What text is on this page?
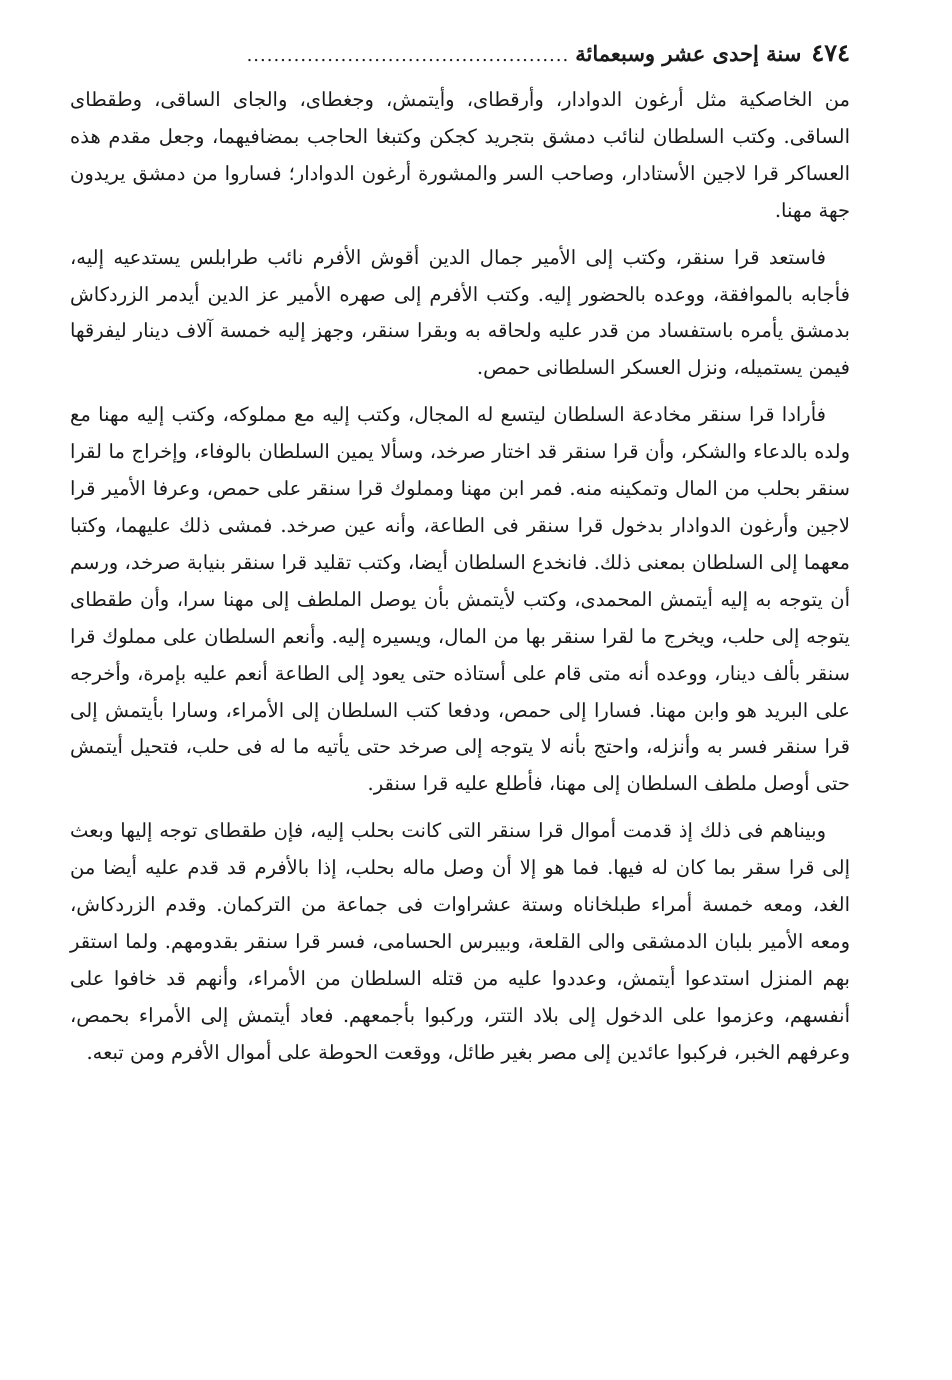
٤٧٤
سنة إحدى عشر وسبعمائة
................................................

من الخاصكية مثل أرغون الدوادار، وأرقطاى، وأيتمش، وجغطاى، والجاى الساقى، وطقطاى الساقى. وكتب السلطان لنائب دمشق بتجريد كجكن وكتبغا الحاجب بمضافيهما، وجعل مقدم هذه العساكر قرا لاجين الأستادار، وصاحب السر والمشورة أرغون الدوادار؛ فساروا من دمشق يريدون جهة مهنا.

فاستعد قرا سنقر، وكتب إلى الأمير جمال الدين أقوش الأفرم نائب طرابلس يستدعيه إليه، فأجابه بالموافقة، ووعده بالحضور إليه. وكتب الأفرم إلى صهره الأمير عز الدين أيدمر الزردكاش بدمشق يأمره باستفساد من قدر عليه ولحاقه به وبقرا سنقر، وجهز إليه خمسة آلاف دينار ليفرقها فيمن يستميله، ونزل العسكر السلطانى حمص.

فأرادا قرا سنقر مخادعة السلطان ليتسع له المجال، وكتب إليه مع مملوكه، وكتب إليه مهنا مع ولده بالدعاء والشكر، وأن قرا سنقر قد اختار صرخد، وسألا يمين السلطان بالوفاء، وإخراج ما لقرا سنقر بحلب من المال وتمكينه منه. فمر ابن مهنا ومملوك قرا سنقر على حمص، وعرفا الأمير قرا لاجين وأرغون الدوادار بدخول قرا سنقر فى الطاعة، وأنه عين صرخد. فمشى ذلك عليهما، وكتبا معهما إلى السلطان بمعنى ذلك. فانخدع السلطان أيضا، وكتب تقليد قرا سنقر بنيابة صرخد، ورسم أن يتوجه به إليه أيتمش المحمدى، وكتب لأيتمش بأن يوصل الملطف إلى مهنا سرا، وأن طقطاى يتوجه إلى حلب، ويخرج ما لقرا سنقر بها من المال، ويسيره إليه. وأنعم السلطان على مملوك قرا سنقر بألف دينار، ووعده أنه متى قام على أستاذه حتى يعود إلى الطاعة أنعم عليه بإمرة، وأخرجه على البريد هو وابن مهنا. فسارا إلى حمص، ودفعا كتب السلطان إلى الأمراء، وسارا بأيتمش إلى قرا سنقر فسر به وأنزله، واحتج بأنه لا يتوجه إلى صرخد حتى يأتيه ما له فى حلب، فتحيل أيتمش حتى أوصل ملطف السلطان إلى مهنا، فأطلع عليه قرا سنقر.

وبيناهم فى ذلك إذ قدمت أموال قرا سنقر التى كانت بحلب إليه، فإن طقطاى توجه إليها وبعث إلى قرا سقر بما كان له فيها. فما هو إلا أن وصل ماله بحلب، إذا بالأفرم قد قدم عليه أيضا من الغد، ومعه خمسة أمراء طبلخاناه وستة عشراوات فى جماعة من التركمان. وقدم الزردكاش، ومعه الأمير بلبان الدمشقى والى القلعة، وبيبرس الحسامى، فسر قرا سنقر بقدومهم. ولما استقر بهم المنزل استدعوا أيتمش، وعددوا عليه من قتله السلطان من الأمراء، وأنهم قد خافوا على أنفسهم، وعزموا على الدخول إلى بلاد التتر، وركبوا بأجمعهم. فعاد أيتمش إلى الأمراء بحمص، وعرفهم الخبر، فركبوا عائدين إلى مصر بغير طائل، ووقعت الحوطة على أموال الأفرم ومن تبعه.
